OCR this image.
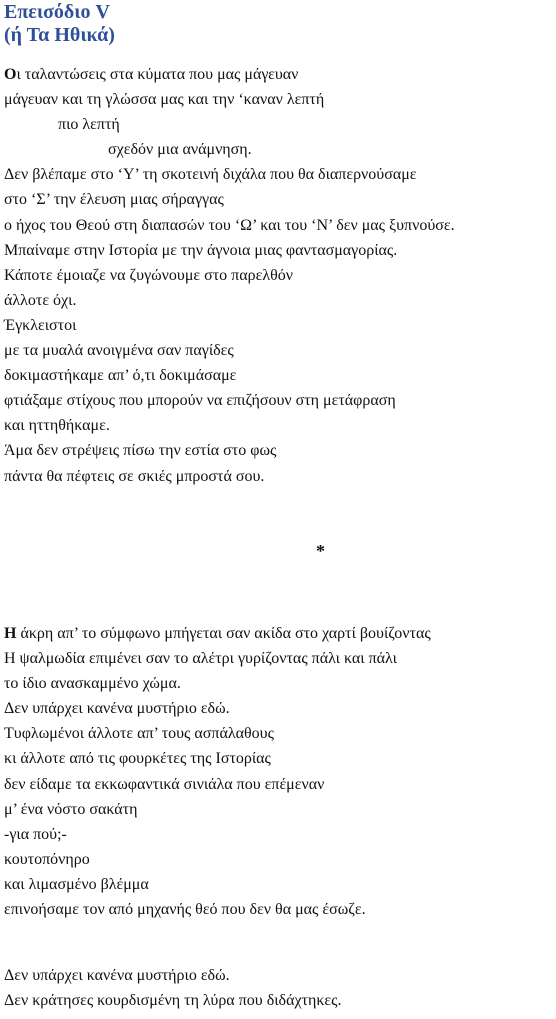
Επεισόδιο V
(ή Τα Ηθικά)
Οι ταλαντώσεις στα κύματα που μας μάγευαν
μάγευαν και τη γλώσσα μας και την ‘καναν λεπτή
πιο λεπτή
σχεδόν μια ανάμνηση.
Δεν βλέπαμε στο ‘Υ’ τη σκοτεινή διχάλα που θα διαπερνούσαμε
στο ‘Σ’ την έλευση μιας σήραγγας
ο ήχος του Θεού στη διαπασών του ‘Ω’ και του ‘Ν’ δεν μας ξυπνούσε.
Μπαίναμε στην Ιστορία με την άγνοια μιας φαντασμαγορίας.
Κάποτε έμοιαζε να ζυγώνουμε στο παρελθόν
άλλοτε όχι.
Έγκλειστοι
με τα μυαλά ανοιγμένα σαν παγίδες
δοκιμαστήκαμε απ’ ό,τι δοκιμάσαμε
φτιάξαμε στίχους που μπορούν να επιζήσουν στη μετάφραση
και ηττηθήκαμε.
Άμα δεν στρέψεις πίσω την εστία στο φως
πάντα θα πέφτεις σε σκιές μπροστά σου.
*
Η άκρη απ’ το σύμφωνο μπήγεται σαν ακίδα στο χαρτί βουίζοντας
Η ψαλμωδία επιμένει σαν το αλέτρι γυρίζοντας πάλι και πάλι
το ίδιο ανασκαμμένο χώμα.
Δεν υπάρχει κανένα μυστήριο εδώ.
Τυφλωμένοι άλλοτε απ’ τους ασπάλαθους
κι άλλοτε από τις φουρκέτες της Ιστορίας
δεν είδαμε τα εκκωφαντικά σινιάλα που επέμεναν
μ’ ένα νόστο σακάτη
-για πού;-
κουτοπόνηρο
και λιμασμένο βλέμμα
επινοήσαμε τον από μηχανής θεό που δεν θα μας έσωζε.
Δεν υπάρχει κανένα μυστήριο εδώ.
Δεν κράτησες κουρδισμένη τη λύρα που διδάχτηκες.
